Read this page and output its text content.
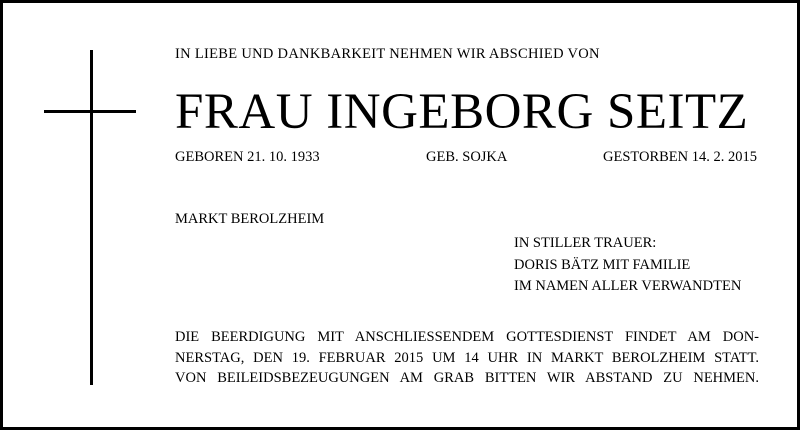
IN LIEBE UND DANKBARKEIT NEHMEN WIR ABSCHIED VON
FRAU INGEBORG SEITZ
GEBOREN 21. 10. 1933	GEB. SOJKA	GESTORBEN 14. 2. 2015
MARKT BEROLZHEIM
IN STILLER TRAUER:
DORIS BÄTZ MIT FAMILIE
IM NAMEN ALLER VERWANDTEN
DIE BEERDIGUNG MIT ANSCHLIESSENDEM GOTTESDIENST FINDET AM DON-
NERSTAG, DEN 19. FEBRUAR 2015 UM 14 UHR IN MARKT BEROLZHEIM STATT.
VON BEILEIDSBEZEUGUNGEN AM GRAB BITTEN WIR ABSTAND ZU NEHMEN.
